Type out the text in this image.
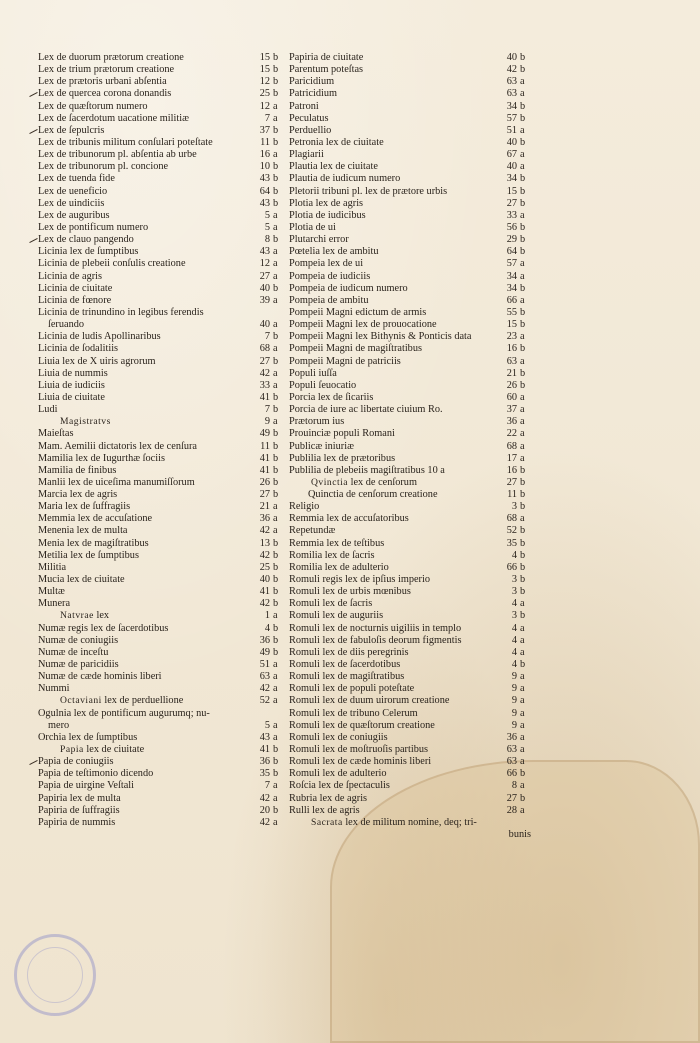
Lex de duorum prætorum creatione	15 b
Lex de trium prætorum creatione	15 b
Lex de prætoris urbani abſentia	12 b
Lex de quercea corona donandis	25 b
Lex de quæſtorum numero	12 a
Lex de ſacerdotum uacatione militiæ	7 a
Lex de ſepulcris	37 b
Lex de tribunis militum conſulari poteſtate	11 b
Lex de tribunorum pl. abſentia ab urbe	16 a
Lex de tribunorum pl. concione	10 b
Lex de tuenda fide	43 b
Lex de ueneficio	64 b
Lex de uindiciis	43 b
Lex de auguribus	5 a
Lex de pontificum numero	5 a
Lex de clauo pangendo	8 b
Licinia lex de ſumptibus	43 a
Licinia de plebeii conſulis creatione	12 a
Licinia de agris	27 a
Licinia de ciuitate	40 b
Licinia de fœnore	39 a
Licinia de trinundino in legibus ferendis
ſeruando	40 a
Licinia de ludis Apollinaribus	7 b
Licinia de ſodalitiis	68 a
Liuia lex de X uiris agrorum	27 b
Liuia de nummis	42 a
Liuia de iudiciis	33 a
Liuia de ciuitate	41 b
Ludi	7 b
Magistratvs	9 a
Maieſtas	49 b
Mam. Aemilii dictatoris lex de cenſura	11 b
Mamilia lex de Iugurthæ ſociis	41 b
Mamilia de finibus	41 b
Manlii lex de uiceſima manumiſſorum	26 b
Marcia lex de agris	27 b
Maria lex de ſuffragiis	21 a
Memmia lex de accuſatione	36 a
Menenia lex de multa	42 a
Menia lex de magiſtratibus	13 b
Metilia lex de ſumptibus	42 b
Militia	25 b
Mucia lex de ciuitate	40 b
Multæ	41 b
Munera	42 b
Natvrae lex	1 a
Numæ regis lex de ſacerdotibus	4 b
Numæ de coniugiis	36 b
Numæ de inceſtu	49 b
Numæ de paricidiis	51 a
Numæ de cæde hominis liberi	63 a
Nummi	42 a
Octaviani lex de perduellione	52 a
Ogulnia lex de pontificum augurumq; nu-
mero	5 a
Orchia lex de ſumptibus	43 a
Papia lex de ciuitate	41 b
Papia de coniugiis	36 b
Papia de teſtimonio dicendo	35 b
Papia de uirgine Veſtali	7 a
Papiria lex de multa	42 a
Papiria de ſuffragiis	20 b
Papiria de nummis	42 a
Papiria de ciuitate	40 b
Parentum poteſtas	42 b
Paricidium	63 a
Patricidium	63 a
Patroni	34 b
Peculatus	57 b
Perduellio	51 a
Petronia lex de ciuitate	40 b
Plagiarii	67 a
Plautia lex de ciuitate	40 a
Plautia de iudicum numero	34 b
Pletorii tribuni pl. lex de prætore urbis	15 b
Plotia lex de agris	27 b
Plotia de iudicibus	33 a
Plotia de ui	56 b
Plutarchi error	29 b
Pœtelia lex de ambitu	64 b
Pompeia lex de ui	57 a
Pompeia de iudiciis	34 a
Pompeia de iudicum numero	34 b
Pompeia de ambitu	66 a
Pompeii Magni edictum de armis	55 b
Pompeii Magni lex de prouocatione	15 b
Pompeii Magni lex Bithynis & Ponticis data	23 a
Pompeii Magni de magiſtratibus	16 b
Pompeii Magni de patriciis	63 a
Populi iuſſa	21 b
Populi ſeuocatio	26 b
Porcia lex de ſicariis	60 a
Porcia de iure ac libertate ciuium Ro.	37 a
Prætorum ius	36 a
Prouinciæ populi Romani	22 a
Publicæ iniuriæ	68 a
Publilia lex de prætoribus	17 a
Publilia de plebeiis magiſtratibus 10 a	16 b
Qvinctia lex de cenſorum	27 b
Quinctia de cenſorum creatione	11 b
Religio	3 b
Remmia lex de accuſatoribus	68 a
Repetundæ	52 b
Remmia lex de teſtibus	35 b
Romilia lex de ſacris	4 b
Romilia lex de adulterio	66 b
Romuli regis lex de ipſius imperio	3 b
Romuli lex de urbis mœnibus	3 b
Romuli lex de ſacris	4 a
Romuli lex de auguriis	3 b
Romuli lex de nocturnis uigiliis in templo	4 a
Romuli lex de fabuloſis deorum figmentis	4 a
Romuli lex de diis peregrinis	4 a
Romuli lex de ſacerdotibus	4 b
Romuli lex de magiſtratibus	9 a
Romuli lex de populi poteſtate	9 a
Romuli lex de duum uirorum creatione	9 a
Romuli lex de tribuno Celerum	9 a
Romuli lex de quæſtorum creatione	9 a
Romuli lex de coniugiis	36 a
Romuli lex de moſtruoſis partibus	63 a
Romuli lex de cæde hominis liberi	63 a
Romuli lex de adulterio	66 b
Roſcia lex de ſpectaculis	8 a
Rubria lex de agris	27 b
Rulli lex de agris	28 a
Sacrata lex de militum nomine, deq; tri-
bunis
